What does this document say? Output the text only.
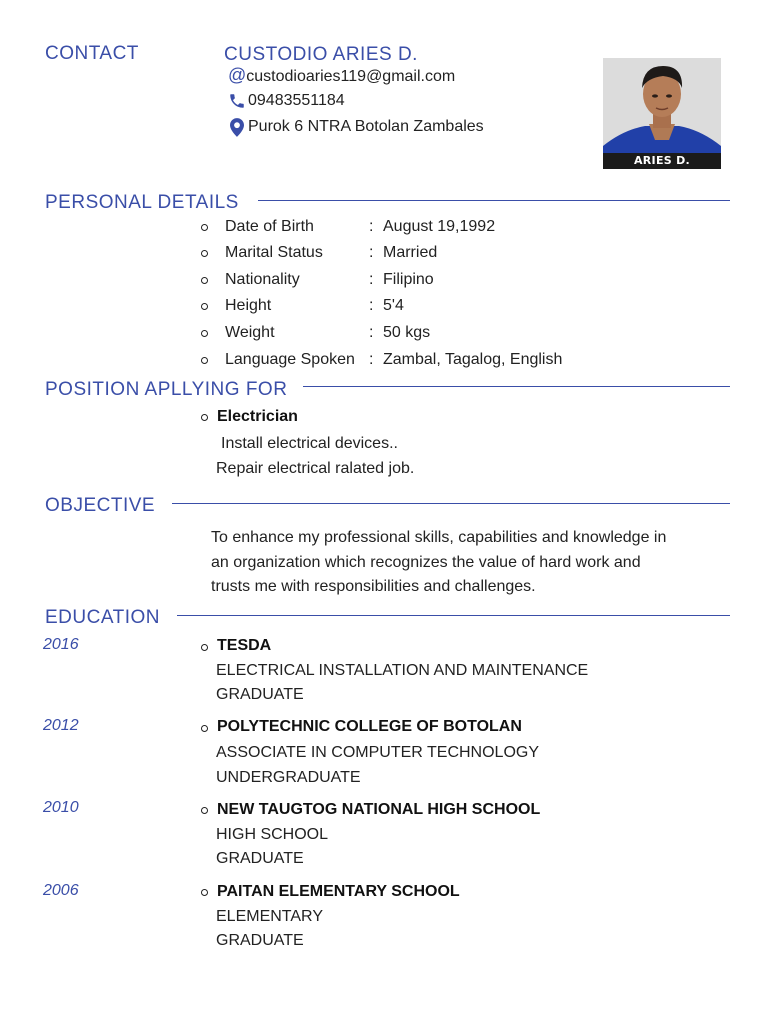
CONTACT	CUSTODIO ARIES D.
@custodioaries119@gmail.com
09483551184
Purok 6 NTRA Botolan Zambales
ARIES D. CUSTODIO
PERSONAL DETAILS
Date of Birth	: August 19,1992
Marital Status	: Married
Nationality	: Filipino
Height	: 5'4
Weight	: 50 kgs
Language Spoken : Zambal, Tagalog, English
POSITION APLLYING FOR
Electrician
Install electrical devices..
Repair electrical ralated job.
OBJECTIVE
To enhance my professional skills, capabilities and knowledge in
an organization which recognizes the value of hard work and
trusts me with responsibilities and challenges.
EDUCATION
2016	TESDA
ELECTRICAL INSTALLATION AND MAINTENANCE
GRADUATE
2012	POLYTECHNIC COLLEGE OF BOTOLAN
ASSOCIATE IN COMPUTER TECHNOLOGY
UNDERGRADUATE
2010	NEW TAUGTOG NATIONAL HIGH SCHOOL
HIGH SCHOOL
GRADUATE
2006	PAITAN ELEMENTARY SCHOOL
ELEMENTARY
GRADUATE
